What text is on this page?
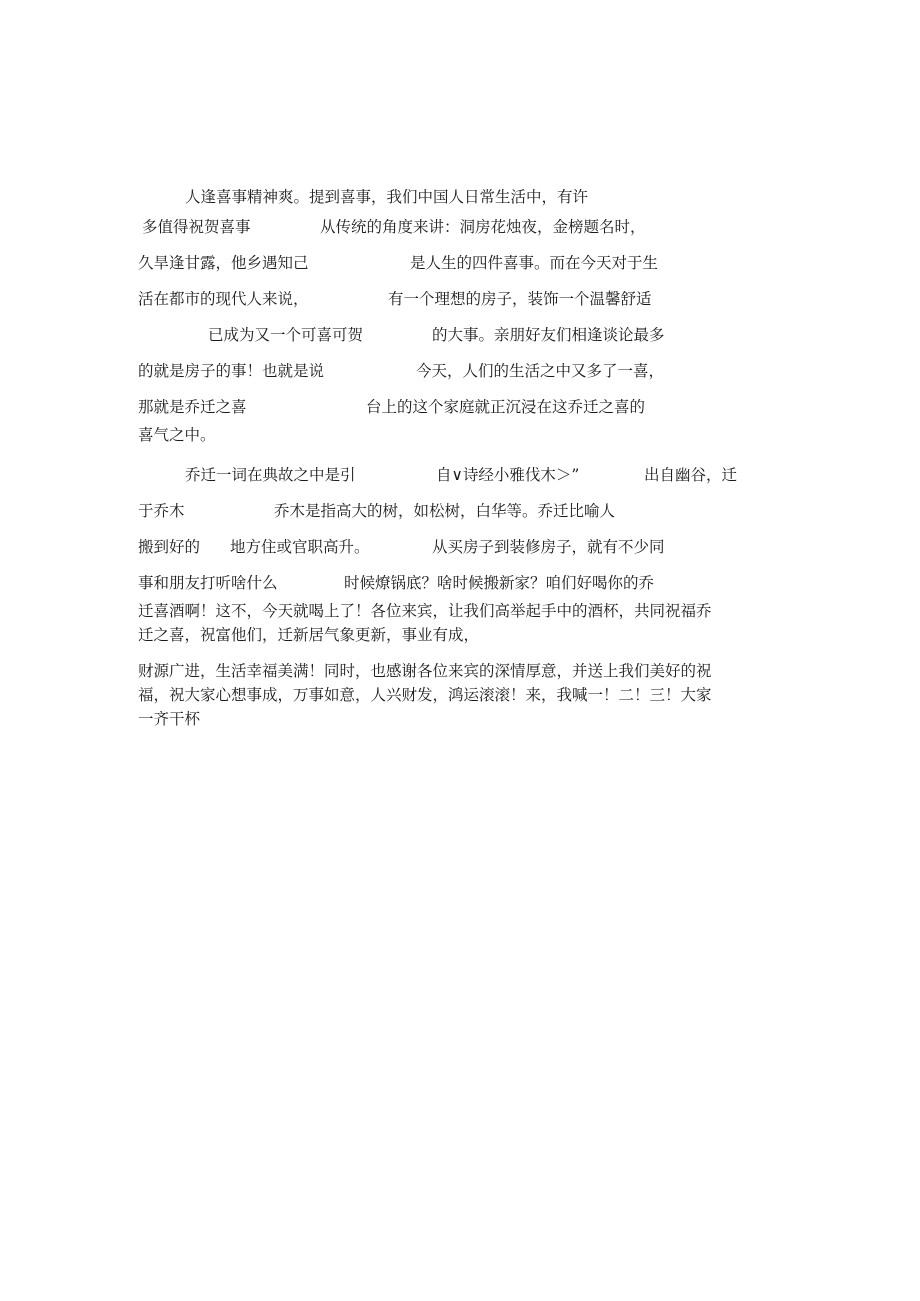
人逢喜事精神爽。提到喜事，我们中国人日常生活中，有许
多值得祝贺喜事	从传统的角度来讲：洞房花烛夜，金榜题名时，
久旱逢甘露，他乡遇知己	是人生的四件喜事。而在今天对于生
活在都市的现代人来说，	有一个理想的房子，装饰一个温馨舒适
已成为又一个可喜可贺	的大事。亲朋好友们相逢谈论最多
的就是房子的事！也就是说	今天，人们的生活之中又多了一喜，
那就是乔迁之喜	台上的这个家庭就正沉浸在这乔迁之喜的
喜气之中。
乔迁一词在典故之中是引	自∨诗经小雅伐木＞”	出自幽谷，迁
于乔木	乔木是指高大的树，如松树，白华等。乔迁比喻人
搬到好的 地方住或官职高升。	从买房子到装修房子，就有不少同
事和朋友打听啥什么	时候燎锅底？啥时候搬新家？咱们好喝你的乔
迁喜酒啊！这不，今天就喝上了！各位来宾，让我们高举起手中的酒杯，共同祝福乔
迁之喜，祝富他们，迁新居气象更新，事业有成，
财源广进，生活幸福美满！同时，也感谢各位来宾的深情厚意，并送上我们美好的祝
福，祝大家心想事成，万事如意，人兴财发，鸿运滚滚！来，我喊一！二！三！大家
一齐干杯
